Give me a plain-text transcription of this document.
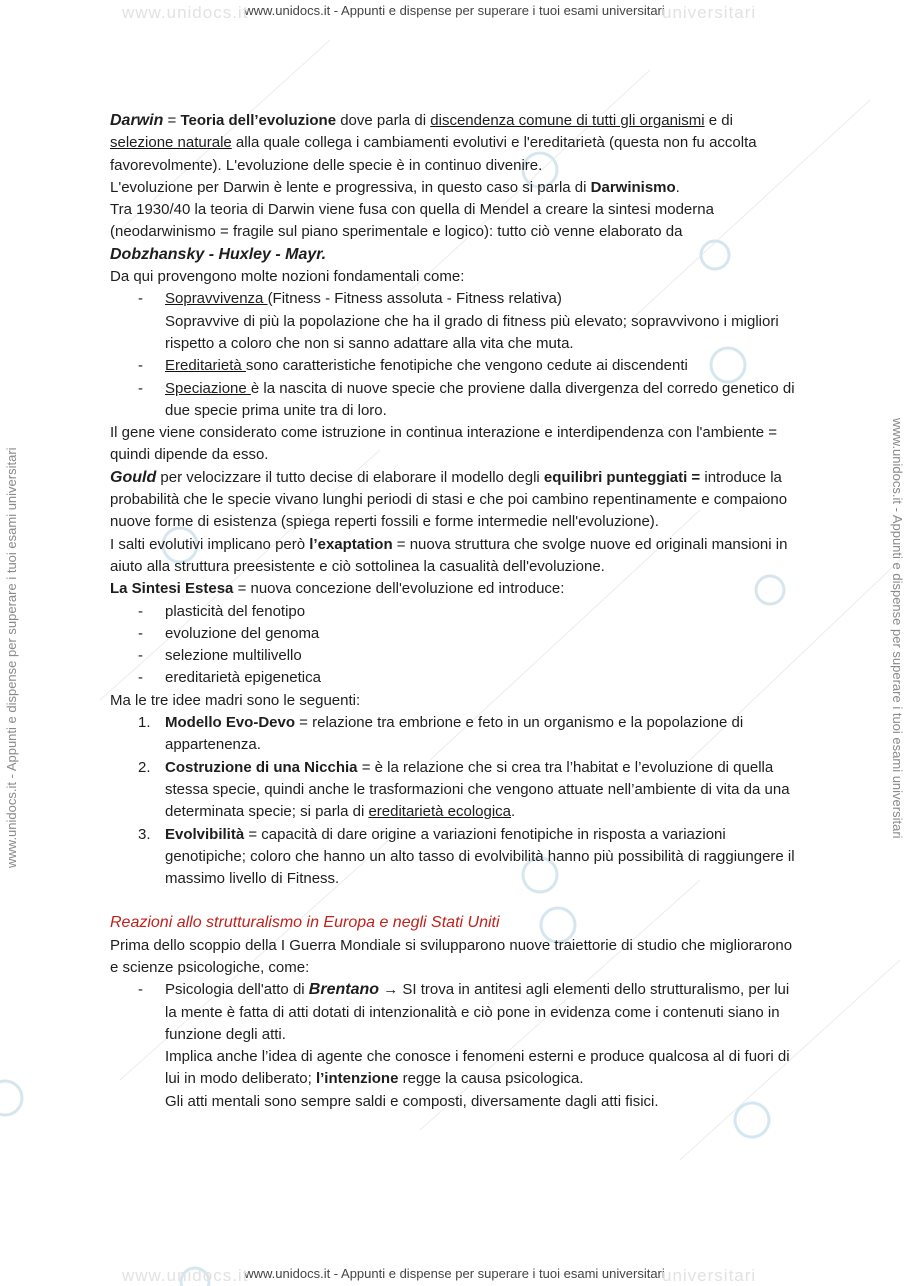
www.unidocs.it
www.unidocs.it - Appunti e dispense per superare i tuoi esami universitari
universitari
www.unidocs.it - Appunti e dispense per superare i tuoi esami universitari	www.unidocs.it - Appunti e dispense per superare i tuoi esami universitari

Darwin = Teoria dell’evoluzione dove parla di discendenza comune di tutti gli organismi e di selezione naturale alla quale collega i cambiamenti evolutivi e l'ereditarietà (questa non fu accolta favorevolmente). L'evoluzione delle specie è in continuo divenire.

L'evoluzione per Darwin è lente e progressiva, in questo caso si parla di Darwinismo.

Tra 1930/40 la teoria di Darwin viene fusa con quella di Mendel a creare la sintesi moderna (neodarwinismo = fragile sul piano sperimentale e logico): tutto ciò venne elaborato da
Dobzhansky - Huxley - Mayr.

Da qui provengono molte nozioni fondamentali come:

- Sopravvivenza (Fitness - Fitness assoluta - Fitness relativa)
Sopravvive di più la popolazione che ha il grado di fitness più elevato; sopravvivono i migliori rispetto a coloro che non si sanno adattare alla vita che muta.
- Ereditarietà sono caratteristiche fenotipiche che vengono cedute ai discendenti
- Speciazione è la nascita di nuove specie che proviene dalla divergenza del corredo genetico di due specie prima unite tra di loro.

Il gene viene considerato come istruzione in continua interazione e interdipendenza con l'ambiente = quindi dipende da esso.

Gould per velocizzare il tutto decise di elaborare il modello degli equilibri punteggiati = introduce la probabilità che le specie vivano lunghi periodi di stasi e che poi cambino repentinamente e compaiono nuove forme di esistenza (spiega reperti fossili e forme intermedie nell'evoluzione).

I salti evolutivi implicano però l’exaptation = nuova struttura che svolge nuove ed originali mansioni in aiuto alla struttura preesistente e ciò sottolinea la casualità dell'evoluzione.

La Sintesi Estesa = nuova concezione dell'evoluzione ed introduce:

- plasticità del fenotipo
- evoluzione del genoma
- selezione multilivello
- ereditarietà epigenetica

Ma le tre idee madri sono le seguenti:

1. Modello Evo-Devo = relazione tra embrione e feto in un organismo e la popolazione di appartenenza.
2. Costruzione di una Nicchia = è la relazione che si crea tra l’habitat e l’evoluzione di quella stessa specie, quindi anche le trasformazioni che vengono attuate nell’ambiente di vita da una determinata specie; si parla di ereditarietà ecologica.
3. Evolvibilità = capacità di dare origine a variazioni fenotipiche in risposta a variazioni genotipiche; coloro che hanno un alto tasso di evolvibilità hanno più possibilità di raggiungere il massimo livello di Fitness.

Reazioni allo strutturalismo in Europa e negli Stati Uniti

Prima dello scoppio della I Guerra Mondiale si svilupparono nuove traiettorie di studio che migliorarono e scienze psicologiche, come:

- Psicologia dell'atto di Brentano → SI trova in antitesi agli elementi dello strutturalismo, per lui la mente è fatta di atti dotati di intenzionalità e ciò pone in evidenza come i contenuti siano in funzione degli atti.
Implica anche l’idea di agente che conosce i fenomeni esterni e produce qualcosa al di fuori di lui in modo deliberato; l’intenzione regge la causa psicologica.
Gli atti mentali sono sempre saldi e composti, diversamente dagli atti fisici.
www.unidocs.it
www.unidocs.it - Appunti e dispense per superare i tuoi esami universitari
universitari
